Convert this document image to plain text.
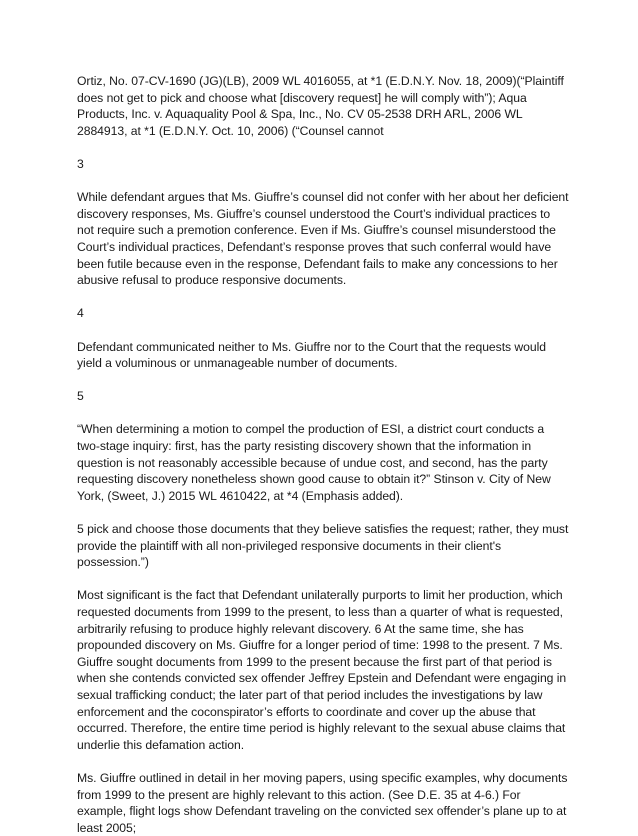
Ortiz, No. 07-CV-1690 (JG)(LB), 2009 WL 4016055, at *1 (E.D.N.Y. Nov. 18, 2009)(“Plaintiff does not get to pick and choose what [discovery request] he will comply with”); Aqua Products, Inc. v. Aquaquality Pool & Spa, Inc., No. CV 05-2538 DRH ARL, 2006 WL 2884913, at *1 (E.D.N.Y. Oct. 10, 2006) (“Counsel cannot

3

While defendant argues that Ms. Giuffre’s counsel did not confer with her about her deficient discovery responses, Ms. Giuffre’s counsel understood the Court’s individual practices to not require such a premotion conference. Even if Ms. Giuffre’s counsel misunderstood the Court’s individual practices, Defendant’s response proves that such conferral would have been futile because even in the response, Defendant fails to make any concessions to her abusive refusal to produce responsive documents.

4

Defendant communicated neither to Ms. Giuffre nor to the Court that the requests would yield a voluminous or unmanageable number of documents.

5

“When determining a motion to compel the production of ESI, a district court conducts a two-stage inquiry: first, has the party resisting discovery shown that the information in question is not reasonably accessible because of undue cost, and second, has the party requesting discovery nonetheless shown good cause to obtain it?” Stinson v. City of New York, (Sweet, J.) 2015 WL 4610422, at *4 (Emphasis added).

5 pick and choose those documents that they believe satisfies the request; rather, they must provide the plaintiff with all non-privileged responsive documents in their client's possession.”)

Most significant is the fact that Defendant unilaterally purports to limit her production, which requested documents from 1999 to the present, to less than a quarter of what is requested, arbitrarily refusing to produce highly relevant discovery. 6 At the same time, she has propounded discovery on Ms. Giuffre for a longer period of time: 1998 to the present. 7 Ms. Giuffre sought documents from 1999 to the present because the first part of that period is when she contends convicted sex offender Jeffrey Epstein and Defendant were engaging in sexual trafficking conduct; the later part of that period includes the investigations by law enforcement and the coconspirator’s efforts to coordinate and cover up the abuse that occurred. Therefore, the entire time period is highly relevant to the sexual abuse claims that underlie this defamation action.

Ms. Giuffre outlined in detail in her moving papers, using specific examples, why documents from 1999 to the present are highly relevant to this action. (See D.E. 35 at 4-6.) For example, flight logs show Defendant traveling on the convicted sex offender’s plane up to at least 2005;
